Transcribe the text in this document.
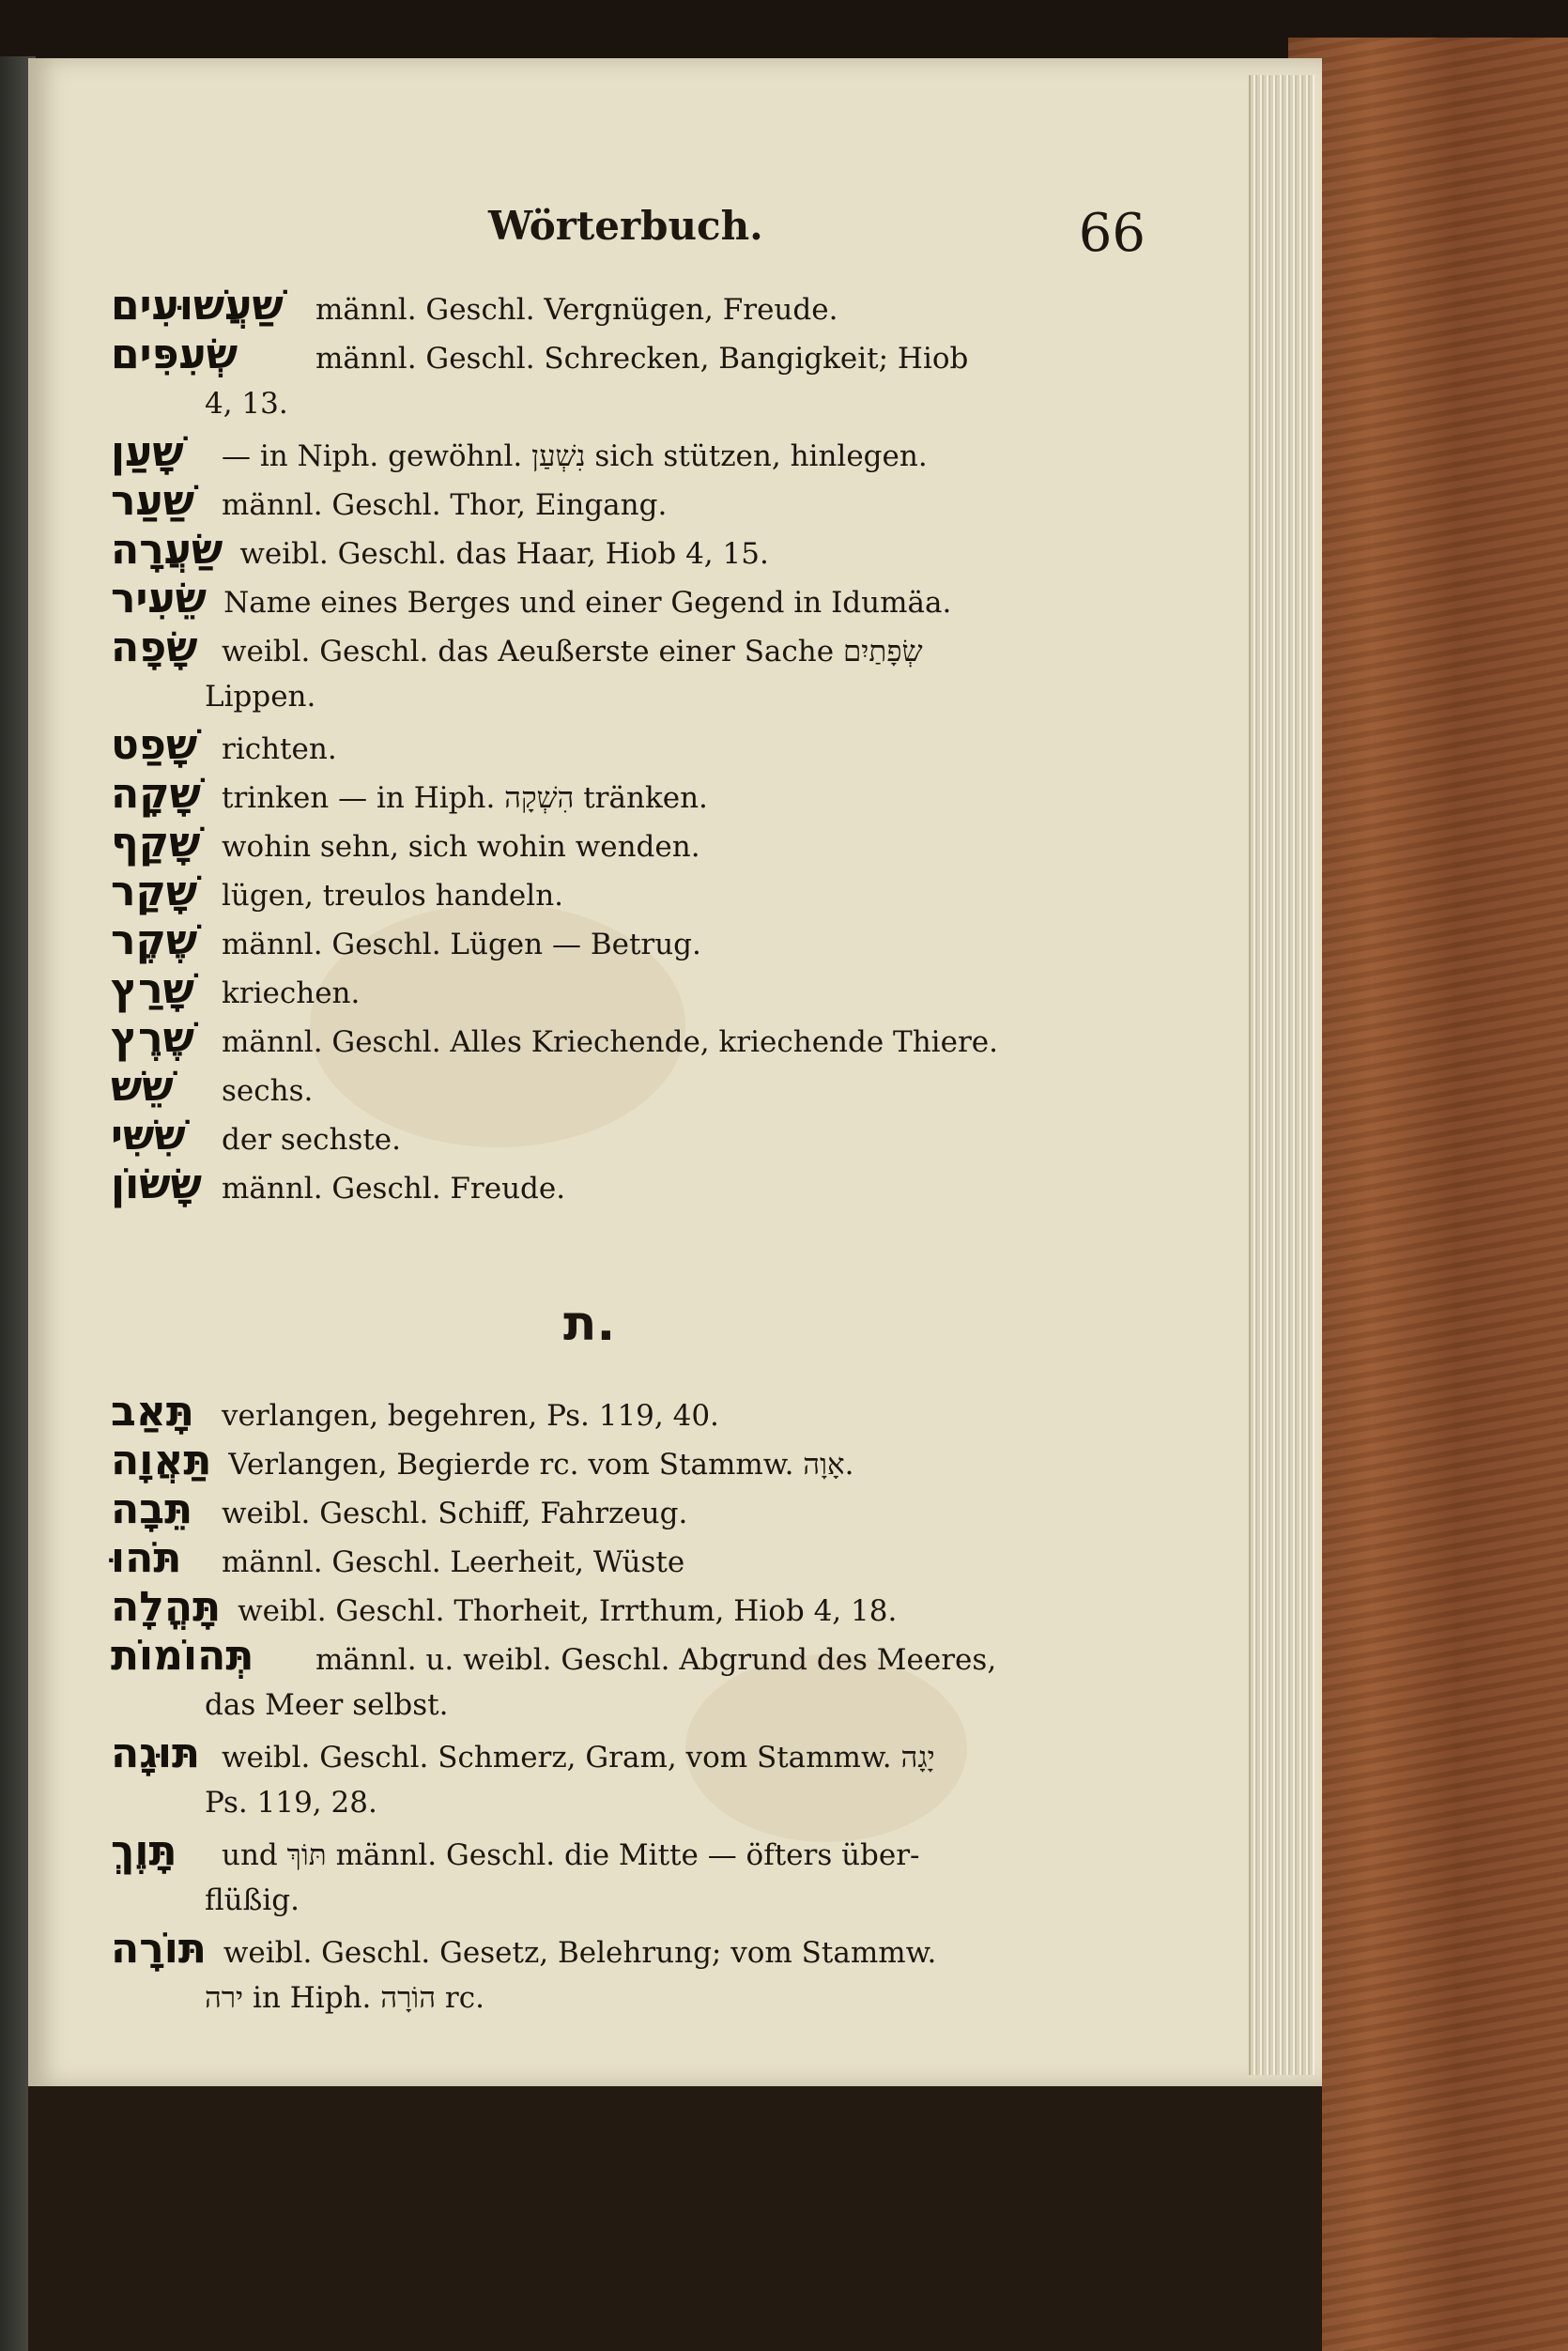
Wörterbuch.	66
שַׁעֲשׁוּעִים	männl. Geschl. Vergnügen, Freude.
שְׂעִפִּים	männl. Geschl. Schrecken, Bangigkeit; Hiob
4, 13.
שָׁעַן	— in Niph. gewöhnl. נִשְׁעַן sich stützen, hinlegen.
שַׁעַר männl. Geschl. Thor, Eingang.
שַׂעֲרָה weibl. Geschl. das Haar, Hiob 4, 15.
שֵׂעִיר Name eines Berges und einer Gegend in Idumäa.
שָׂפָה weibl. Geschl. das Aeußerste einer Sache שְׂפָתַיִם
Lippen.
שָׁפַט richten.
שָׁקָה trinken — in Hiph. הִשְׁקָה tränken.
שָׁקַף wohin sehn, sich wohin wenden.
שָׁקַר lügen, treulos handeln.
שֶׁקֶר männl. Geschl. Lügen — Betrug.
שָׁרַץ kriechen.
שֶׁרֶץ männl. Geschl. Alles Kriechende, kriechende Thiere.
שֵׁשׁ	sechs.
שִׁשִּׁי	der sechste.
שָׂשׂוֹן männl. Geschl. Freude.
ת.
תָּאַב verlangen, begehren, Ps. 119, 40.
תַּאֲוָה Verlangen, Begierde rc. vom Stammw. אָוָה.
תֵּבָה weibl. Geschl. Schiff, Fahrzeug.
תֹּהוּ	männl. Geschl. Leerheit, Wüste
תָּהֳלָה weibl. Geschl. Thorheit, Irrthum, Hiob 4, 18.
תְּהוֹמוֹת	männl. u. weibl. Geschl. Abgrund des Meeres,
das Meer selbst.
תּוּגָה weibl. Geschl. Schmerz, Gram, vom Stammw. יָגָה
Ps. 119, 28.
תָּוֶךְ	und תּוֹךְ männl. Geschl. die Mitte — öfters über-
flüßig.
תּוֹרָה weibl. Geschl. Gesetz, Belehrung; vom Stammw.
ירה in Hiph. הוֹרָה rc.
